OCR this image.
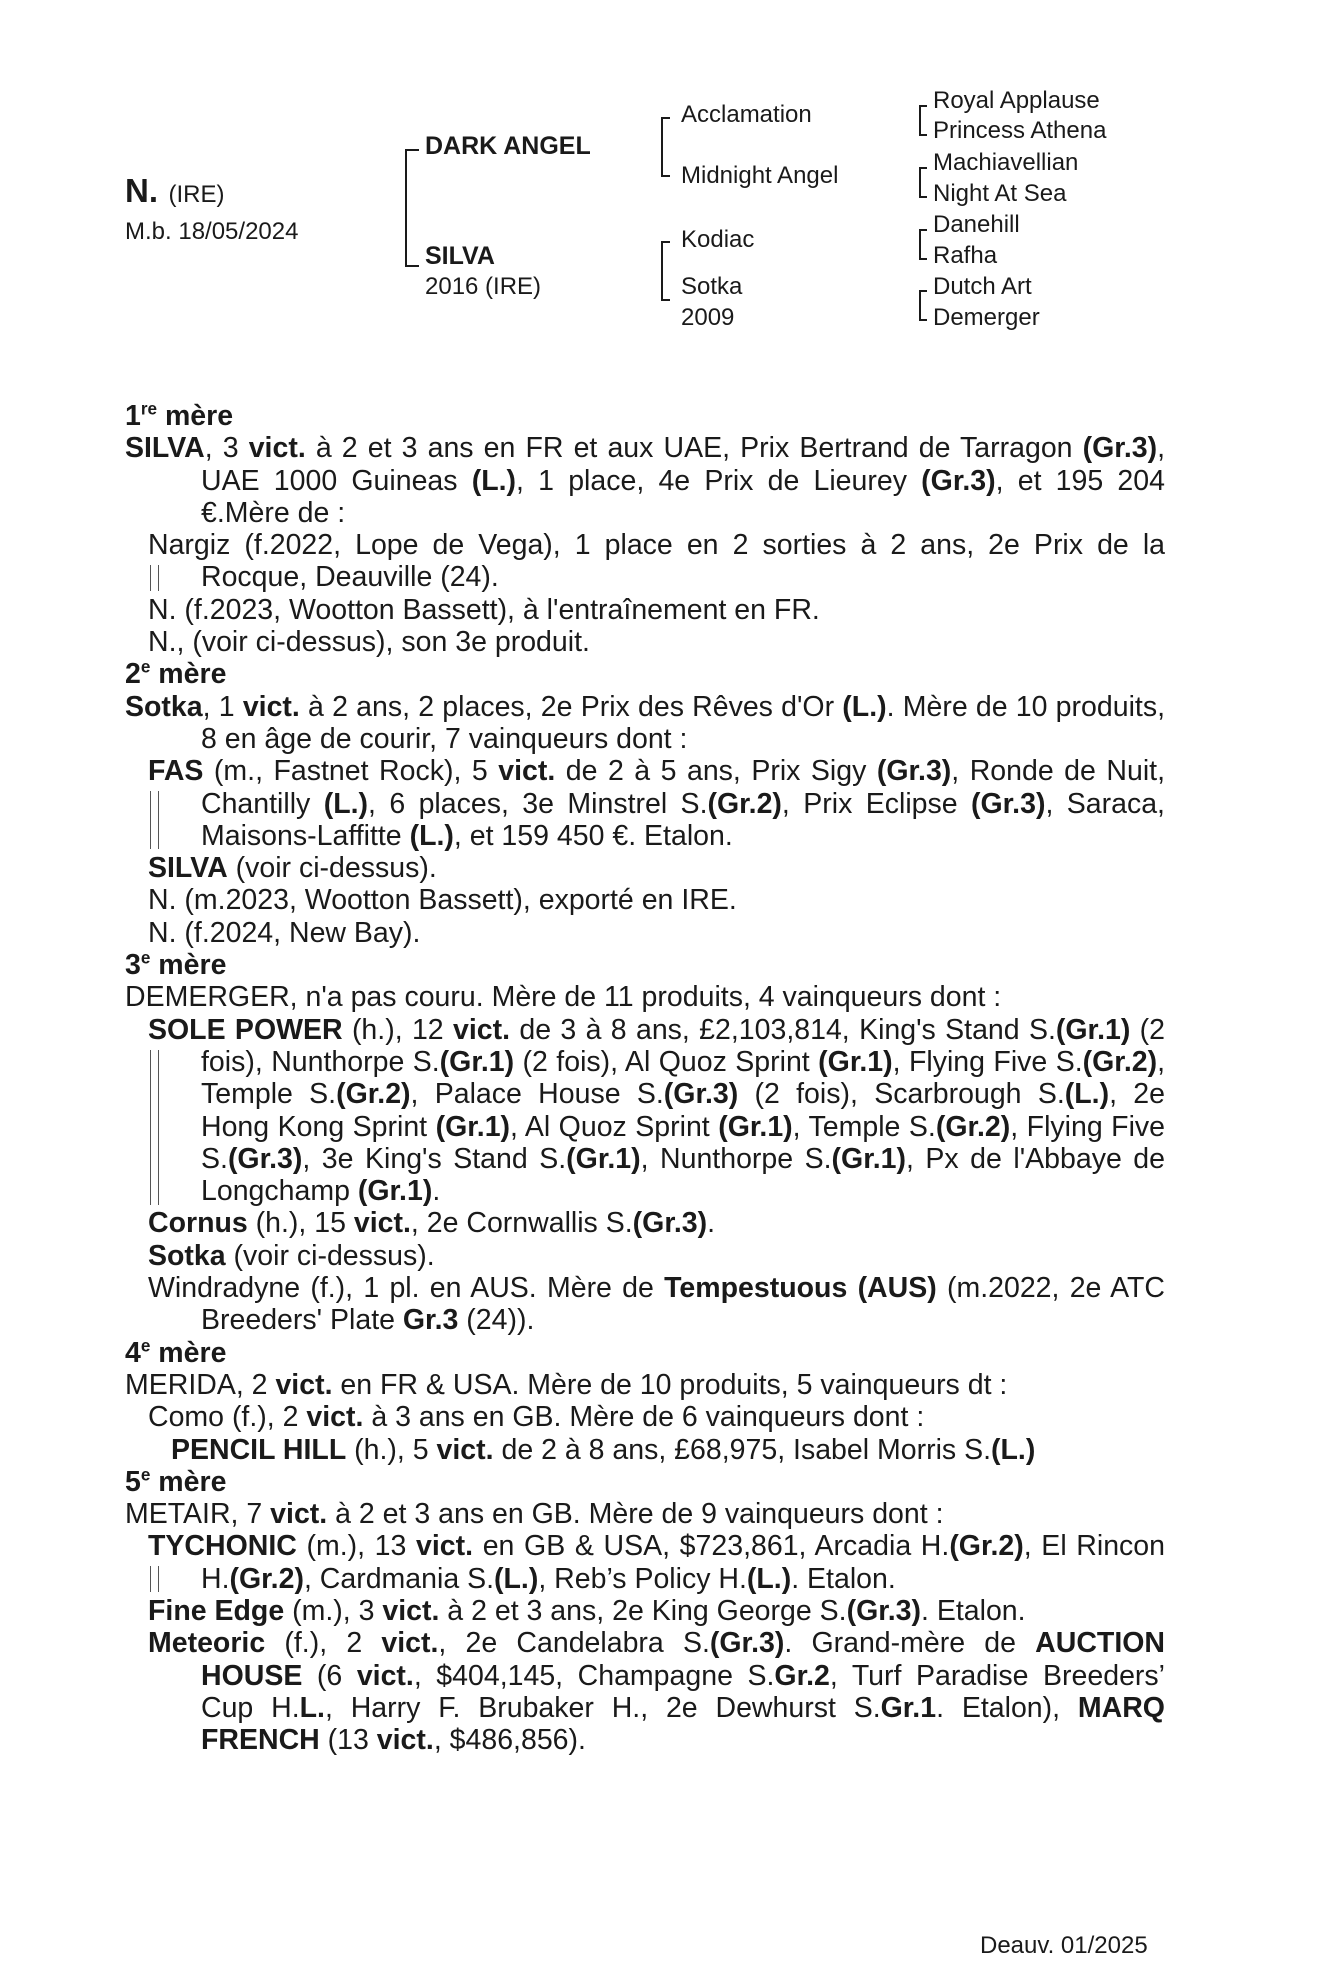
N. (IRE)
M.b. 18/05/2024
DARK ANGEL
SILVA
2016 (IRE)
Acclamation
Midnight Angel
Kodiac
Sotka
2009
Royal Applause
Princess Athena
Machiavellian
Night At Sea
Danehill
Rafha
Dutch Art
Demerger
1re mère
SILVA, 3 vict. à 2 et 3 ans en FR et aux UAE, Prix Bertrand de Tarragon (Gr.3), UAE 1000 Guineas (L.), 1 place, 4e Prix de Lieurey (Gr.3), et 195 204 €.Mère de :
Nargiz (f.2022, Lope de Vega), 1 place en 2 sorties à 2 ans, 2e Prix de la Rocque, Deauville (24).
N. (f.2023, Wootton Bassett), à l'entraînement en FR.
N., (voir ci-dessus), son 3e produit.
2e mère
Sotka, 1 vict. à 2 ans, 2 places, 2e Prix des Rêves d'Or (L.). Mère de 10 produits, 8 en âge de courir, 7 vainqueurs dont :
FAS (m., Fastnet Rock), 5 vict. de 2 à 5 ans, Prix Sigy (Gr.3), Ronde de Nuit, Chantilly (L.), 6 places, 3e Minstrel S.(Gr.2), Prix Eclipse (Gr.3), Saraca, Maisons-Laffitte (L.), et 159 450 €. Etalon.
SILVA (voir ci-dessus).
N. (m.2023, Wootton Bassett), exporté en IRE.
N. (f.2024, New Bay).
3e mère
DEMERGER, n'a pas couru. Mère de 11 produits, 4 vainqueurs dont :
SOLE POWER (h.), 12 vict. de 3 à 8 ans, £2,103,814, King's Stand S.(Gr.1) (2 fois), Nunthorpe S.(Gr.1) (2 fois), Al Quoz Sprint (Gr.1), Flying Five S.(Gr.2), Temple S.(Gr.2), Palace House S.(Gr.3) (2 fois), Scarbrough S.(L.), 2e Hong Kong Sprint (Gr.1), Al Quoz Sprint (Gr.1), Temple S.(Gr.2), Flying Five S.(Gr.3), 3e King's Stand S.(Gr.1), Nunthorpe S.(Gr.1), Px de l'Abbaye de Longchamp (Gr.1).
Cornus (h.), 15 vict., 2e Cornwallis S.(Gr.3).
Sotka (voir ci-dessus).
Windradyne (f.), 1 pl. en AUS. Mère de Tempestuous (AUS) (m.2022, 2e ATC Breeders' Plate Gr.3 (24)).
4e mère
MERIDA, 2 vict. en FR & USA. Mère de 10 produits, 5 vainqueurs dt :
Como (f.), 2 vict. à 3 ans en GB. Mère de 6 vainqueurs dont :
PENCIL HILL (h.), 5 vict. de 2 à 8 ans, £68,975, Isabel Morris S.(L.)
5e mère
METAIR, 7 vict. à 2 et 3 ans en GB. Mère de 9 vainqueurs dont :
TYCHONIC (m.), 13 vict. en GB & USA, $723,861, Arcadia H.(Gr.2), El Rincon H.(Gr.2), Cardmania S.(L.), Reb’s Policy H.(L.). Etalon.
Fine Edge (m.), 3 vict. à 2 et 3 ans, 2e King George S.(Gr.3). Etalon.
Meteoric (f.), 2 vict., 2e Candelabra S.(Gr.3). Grand-mère de AUCTION HOUSE (6 vict., $404,145, Champagne S.Gr.2, Turf Paradise Breeders’ Cup H.L., Harry F. Brubaker H., 2e Dewhurst S.Gr.1. Etalon), MARQ FRENCH (13 vict., $486,856).
Deauv. 01/2025
